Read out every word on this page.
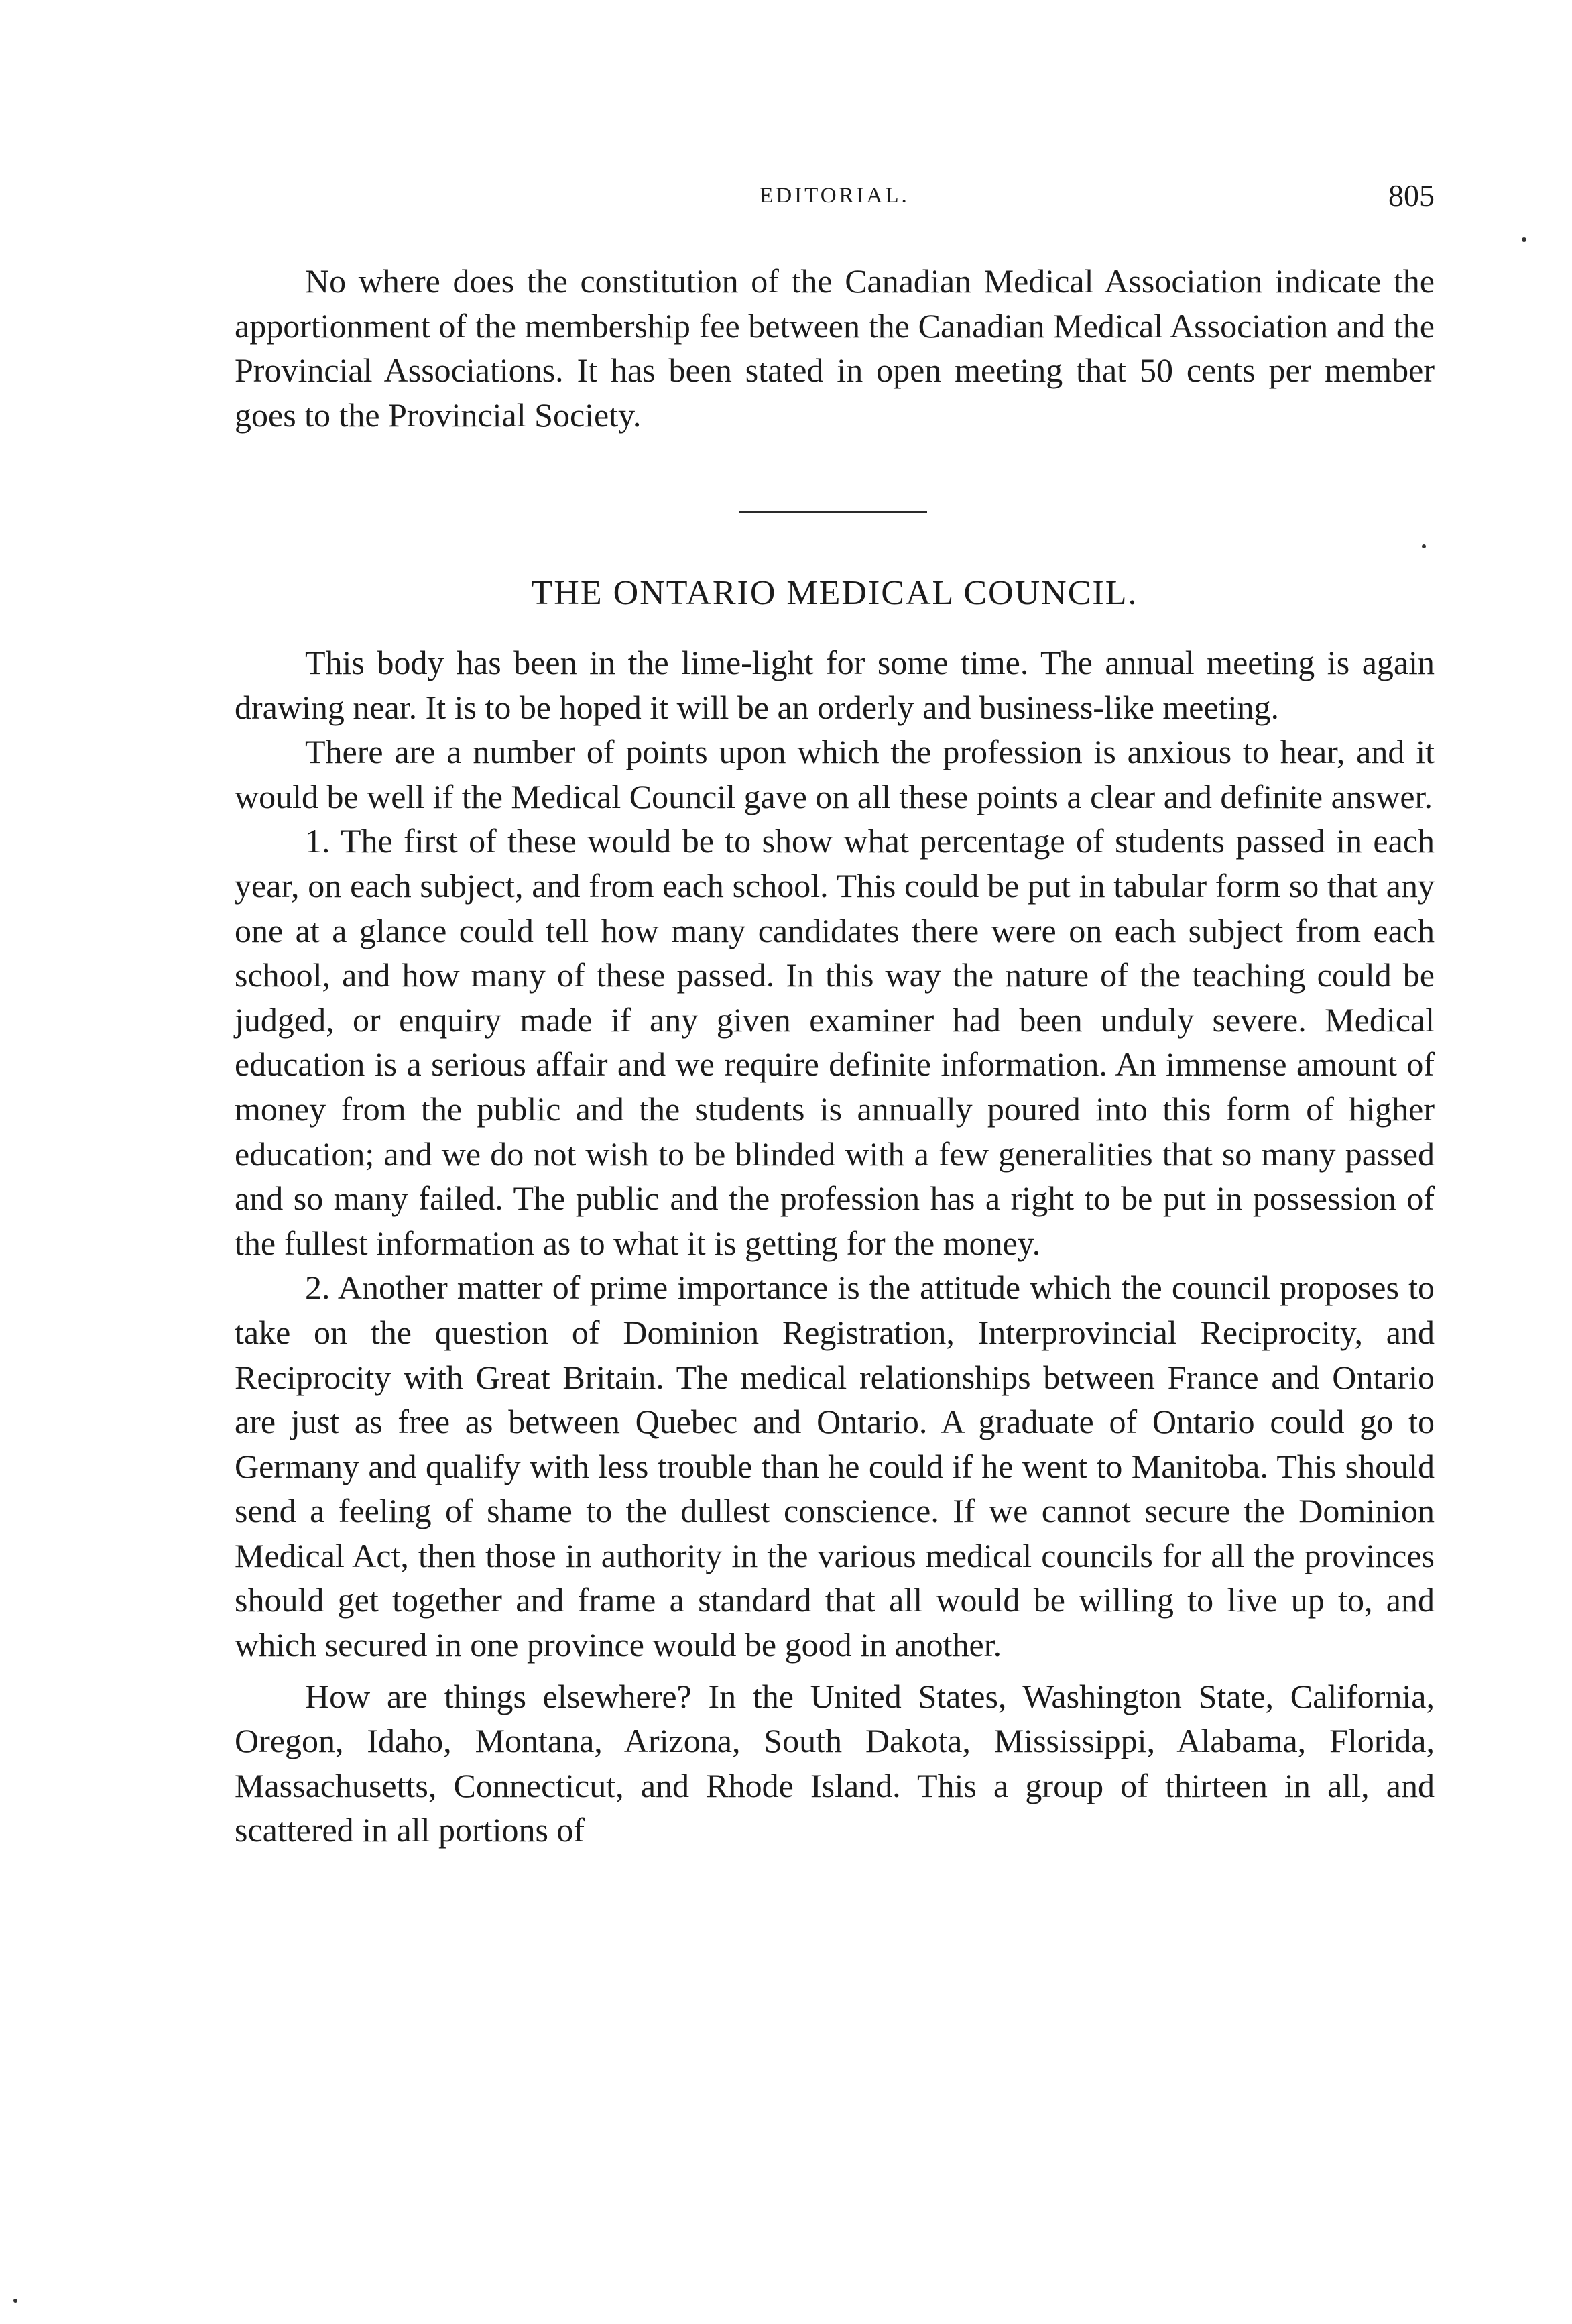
EDITORIAL.	805

No where does the constitution of the Canadian Medical Association indicate the apportionment of the membership fee between the Canadian Medical Association and the Provincial Associations. It has been stated in open meeting that 50 cents per member goes to the Provincial Society.

THE ONTARIO MEDICAL COUNCIL.

This body has been in the lime-light for some time. The annual meeting is again drawing near. It is to be hoped it will be an orderly and business-like meeting.

There are a number of points upon which the profession is anxious to hear, and it would be well if the Medical Council gave on all these points a clear and definite answer.

1. The first of these would be to show what percentage of students passed in each year, on each subject, and from each school. This could be put in tabular form so that any one at a glance could tell how many candidates there were on each subject from each school, and how many of these passed. In this way the nature of the teaching could be judged, or enquiry made if any given examiner had been unduly severe. Medical education is a serious affair and we require definite information. An immense amount of money from the public and the students is annually poured into this form of higher education; and we do not wish to be blinded with a few generalities that so many passed and so many failed. The public and the profession has a right to be put in possession of the fullest information as to what it is getting for the money.

2. Another matter of prime importance is the attitude which the council proposes to take on the question of Dominion Registration, Interprovincial Reciprocity, and Reciprocity with Great Britain. The medical relationships between France and Ontario are just as free as between Quebec and Ontario. A graduate of Ontario could go to Germany and qualify with less trouble than he could if he went to Manitoba. This should send a feeling of shame to the dullest conscience. If we cannot secure the Dominion Medical Act, then those in authority in the various medical councils for all the provinces should get together and frame a standard that all would be willing to live up to, and which secured in one province would be good in another.

How are things elsewhere? In the United States, Washington State, California, Oregon, Idaho, Montana, Arizona, South Dakota, Mississippi, Alabama, Florida, Massachusetts, Connecticut, and Rhode Island. This a group of thirteen in all, and scattered in all portions of
